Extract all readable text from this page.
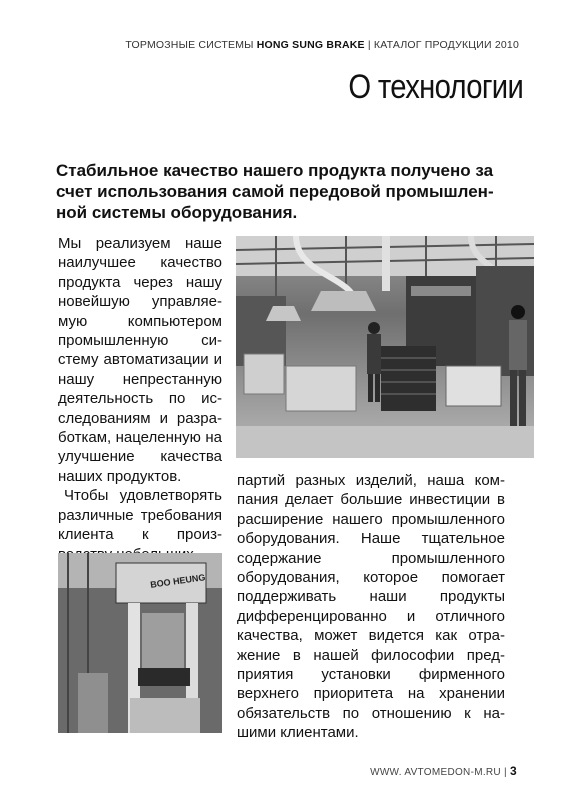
ТОРМОЗНЫЕ СИСТЕМЫ HONG SUNG BRAKE | КАТАЛОГ ПРОДУКЦИИ 2010
О технологии
Стабильное качество нашего продукта получено за счет использования самой передовой промышленной системы оборудования.

Мы реализуем наше наилучшее качество продукта через нашу новейшую управляемую компьютером промышленную систему автоматизации и нашу непрестанную деятельность по исследованиям и разработкам, нацеленную на улучшение качества наших продуктов.

Чтобы удовлетворять различные требования клиента к произ

партий разных изделий, наша компания делает большие инвестиции в расширение нашего промышленного оборудования. Наше тщательное содержание промышленного оборудования, которое помогает поддерживать наши продукты дифференцированно и отличного качества, может видется как отражение в нашей философии предприятия установки фирменного верхнего приоритета на хранении обязательств по отношению к нашими клиентами.
BOO HEUNG
WWW. AVTOMEDON-M.RU | 3
